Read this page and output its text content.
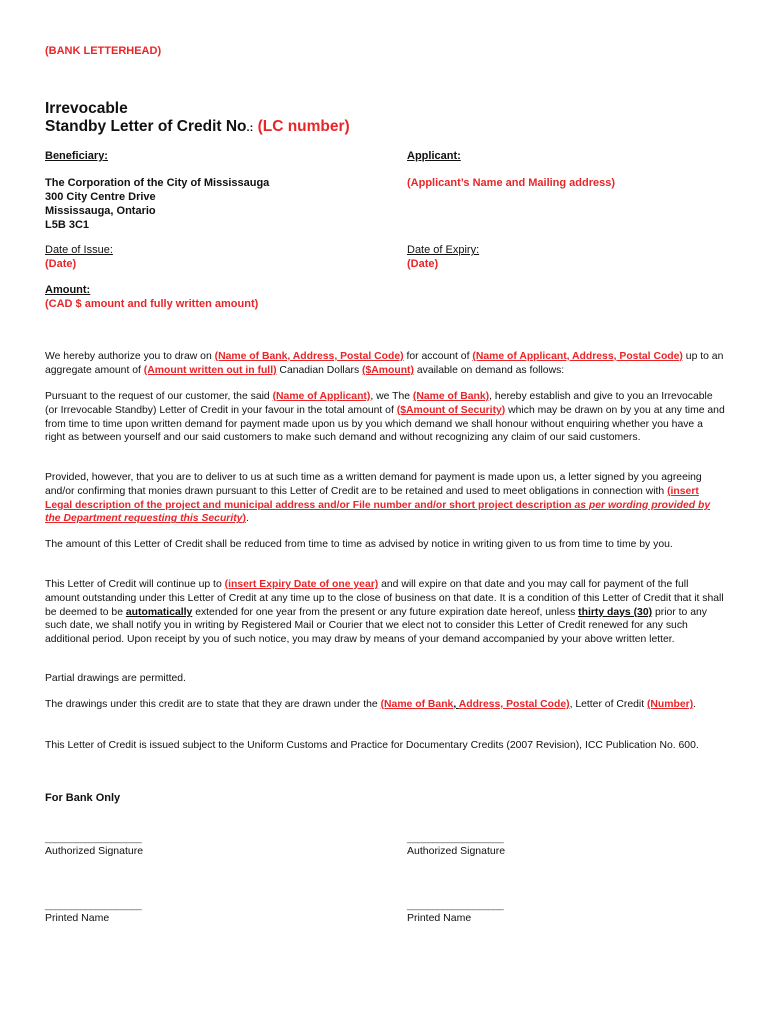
(BANK LETTERHEAD)
Irrevocable
Standby Letter of Credit No.: (LC number)
Beneficiary:	Applicant:
The Corporation of the City of Mississauga
300 City Centre Drive
Mississauga, Ontario
L5B 3C1
(Applicant’s Name and Mailing address)
Date of Issue:
(Date)
Date of Expiry:
(Date)
Amount:
(CAD $ amount and fully written amount)
We hereby authorize you to draw on (Name of Bank, Address, Postal Code) for account of (Name of Applicant, Address, Postal Code) up to an aggregate amount of (Amount written out in full) Canadian Dollars ($Amount) available on demand as follows:
Pursuant to the request of our customer, the said (Name of Applicant), we The (Name of Bank), hereby establish and give to you an Irrevocable (or Irrevocable Standby) Letter of Credit in your favour in the total amount of ($Amount of Security) which may be drawn on by you at any time and from time to time upon written demand for payment made upon us by you which demand we shall honour without enquiring whether you have a right as between yourself and our said customers to make such demand and without recognizing any claim of our said customers.
Provided, however, that you are to deliver to us at such time as a written demand for payment is made upon us, a letter signed by you agreeing and/or confirming that monies drawn pursuant to this Letter of Credit are to be retained and used to meet obligations in connection with (insert Legal description of the project and municipal address and/or File number and/or short project description as per wording provided by the Department requesting this Security).
The amount of this Letter of Credit shall be reduced from time to time as advised by notice in writing given to us from time to time by you.
This Letter of Credit will continue up to (insert Expiry Date of one year) and will expire on that date and you may call for payment of the full amount outstanding under this Letter of Credit at any time up to the close of business on that date. It is a condition of this Letter of Credit that it shall be deemed to be automatically extended for one year from the present or any future expiration date hereof, unless thirty days (30) prior to any such date, we shall notify you in writing by Registered Mail or Courier that we elect not to consider this Letter of Credit renewed for any such additional period. Upon receipt by you of such notice, you may draw by means of your demand accompanied by your above written letter.
Partial drawings are permitted.
The drawings under this credit are to state that they are drawn under the (Name of Bank, Address, Postal Code), Letter of Credit (Number).
This Letter of Credit is issued subject to the Uniform Customs and Practice for Documentary Credits (2007 Revision), ICC Publication No. 600.
For Bank Only
___________________
Authorized Signature
___________________
Authorized Signature
___________________
Printed Name
___________________
Printed Name
